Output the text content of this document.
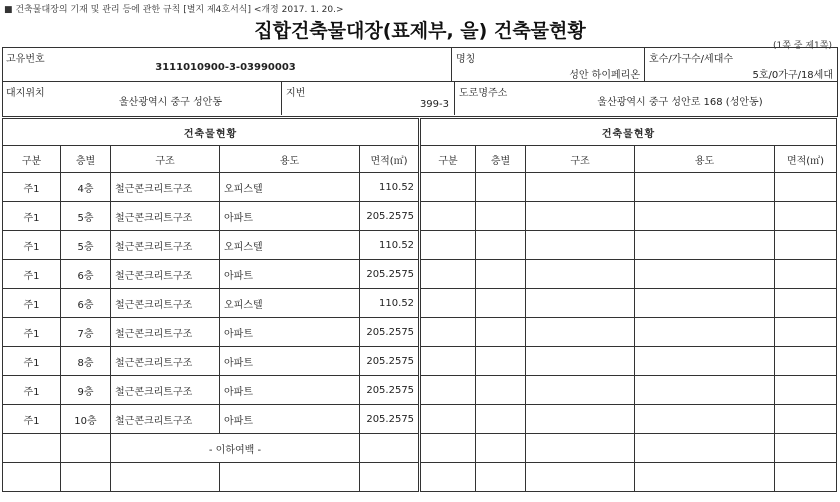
■ 건축물대장의 기재 및 관리 등에 관한 규칙 [별지 제4호서식] <개정 2017. 1. 20.>
집합건축물대장(표제부, 을) 건축물현황
(1쪽 중 제1쪽)
고유번호
3111010900-3-03990003
명칭
성안 하이페리온
호수/가구수/세대수
5호/0가구/18세대
대지위치
울산광역시 중구 성안동
지번
399-3
도로명주소
울산광역시 중구 성안로 168 (성안동)
건축물현황				
구분	층별	구조	용도	면적(㎡)
주1	4층	철근콘크리트구조	오피스텔	110.52
주1	5층	철근콘크리트구조	아파트	205.2575
주1	5층	철근콘크리트구조	오피스텔	110.52
주1	6층	철근콘크리트구조	아파트	205.2575
주1	6층	철근콘크리트구조	오피스텔	110.52
주1	7층	철근콘크리트구조	아파트	205.2575
주1	8층	철근콘크리트구조	아파트	205.2575
주1	9층	철근콘크리트구조	아파트	205.2575
주1	10층	철근콘크리트구조	아파트	205.2575
		- 이하여백 -		

건축물현황				
구분	층별	구조	용도	면적(㎡)
